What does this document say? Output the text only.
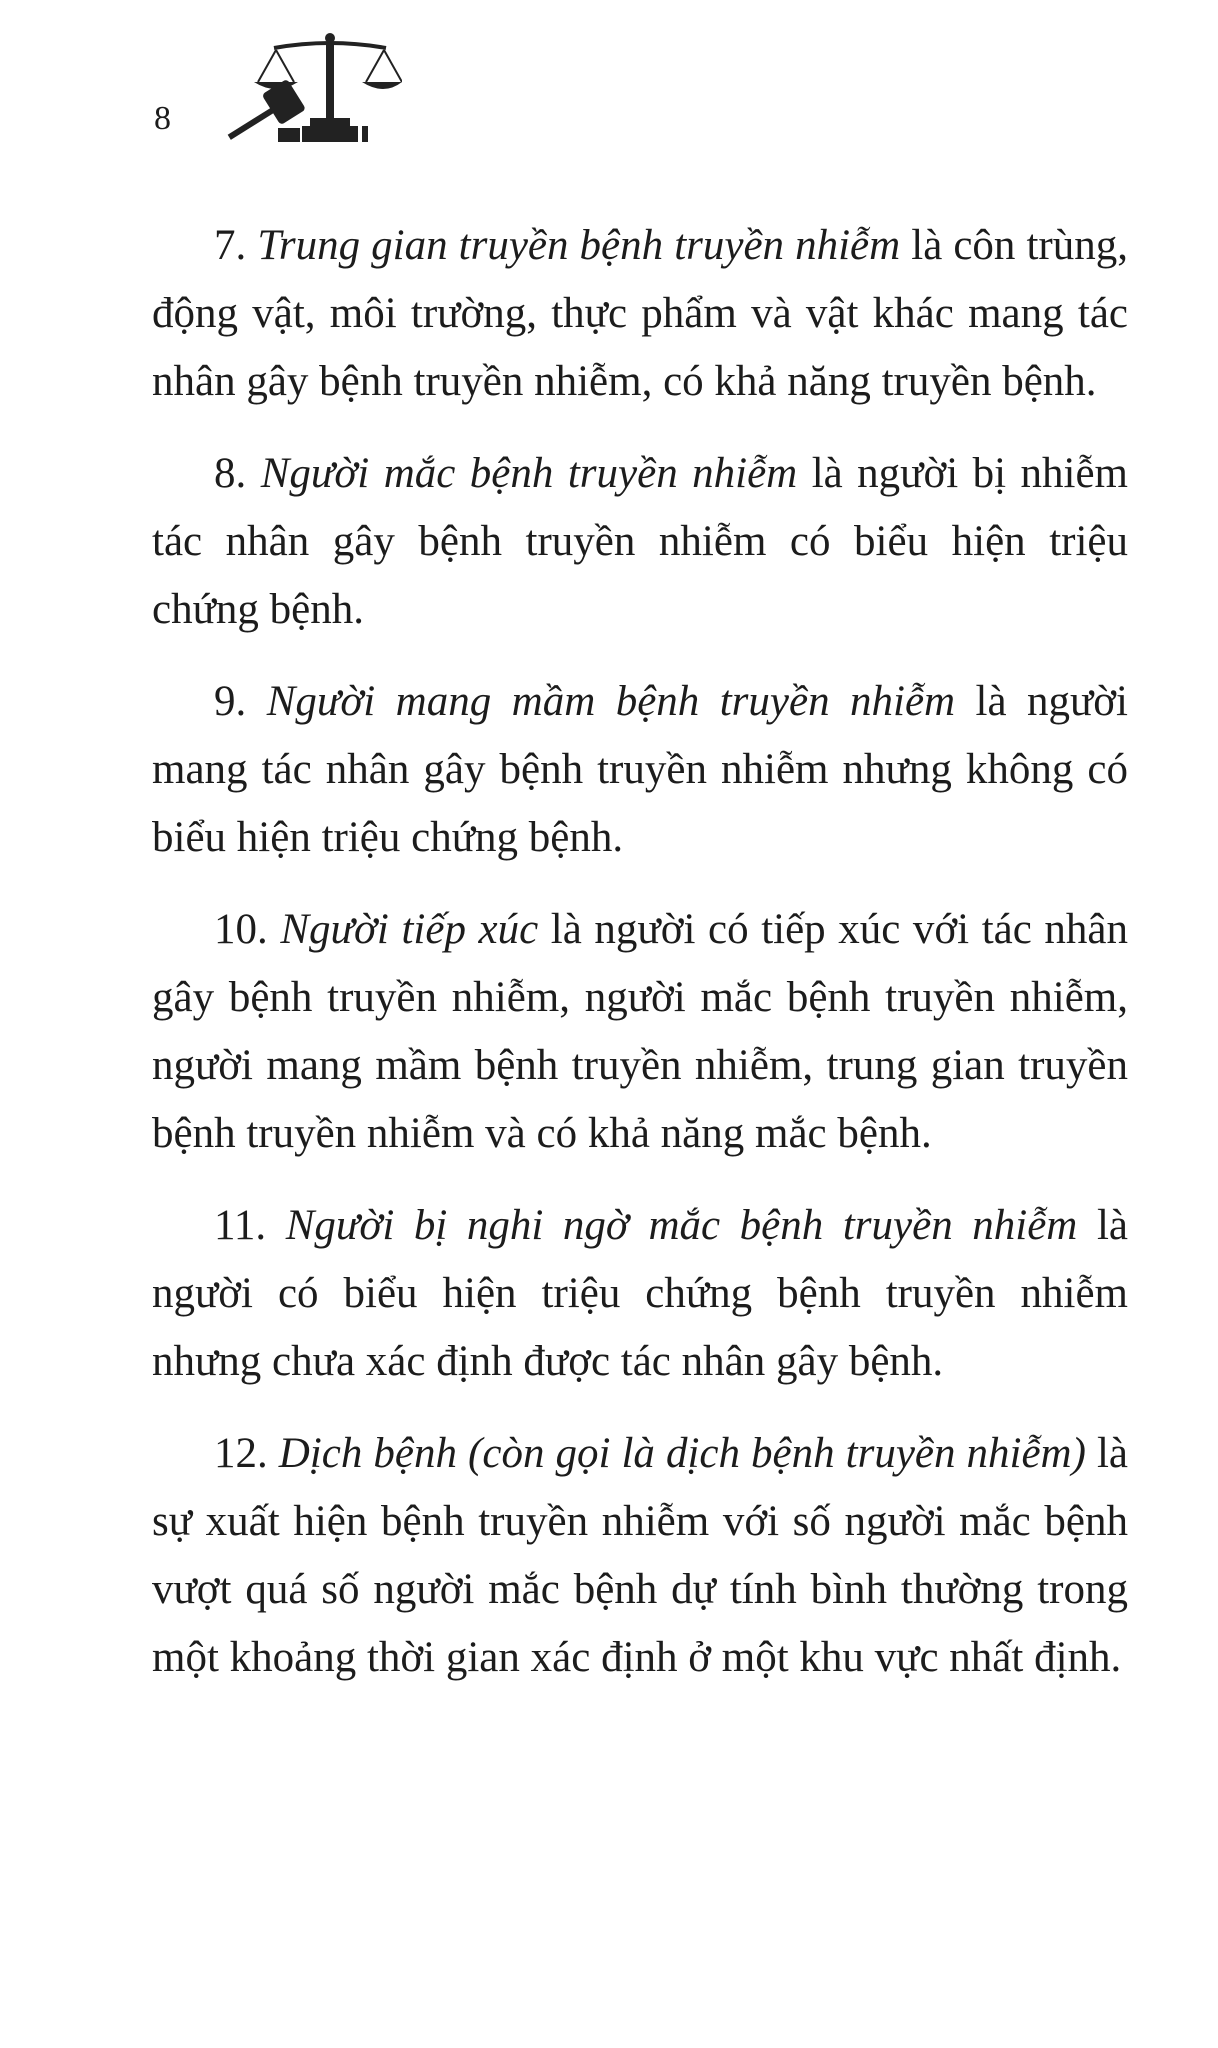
8

7. Trung gian truyền bệnh truyền nhiễm là côn trùng, động vật, môi trường, thực phẩm và vật khác mang tác nhân gây bệnh truyền nhiễm, có khả năng truyền bệnh.

8. Người mắc bệnh truyền nhiễm là người bị nhiễm tác nhân gây bệnh truyền nhiễm có biểu hiện triệu chứng bệnh.

9. Người mang mầm bệnh truyền nhiễm là người mang tác nhân gây bệnh truyền nhiễm nhưng không có biểu hiện triệu chứng bệnh.

10. Người tiếp xúc là người có tiếp xúc với tác nhân gây bệnh truyền nhiễm, người mắc bệnh truyền nhiễm, người mang mầm bệnh truyền nhiễm, trung gian truyền bệnh truyền nhiễm và có khả năng mắc bệnh.

11. Người bị nghi ngờ mắc bệnh truyền nhiễm là người có biểu hiện triệu chứng bệnh truyền nhiễm nhưng chưa xác định được tác nhân gây bệnh.

12. Dịch bệnh (còn gọi là dịch bệnh truyền nhiễm) là sự xuất hiện bệnh truyền nhiễm với số người mắc bệnh vượt quá số người mắc bệnh dự tính bình thường trong một khoảng thời gian xác định ở một khu vực nhất định.
